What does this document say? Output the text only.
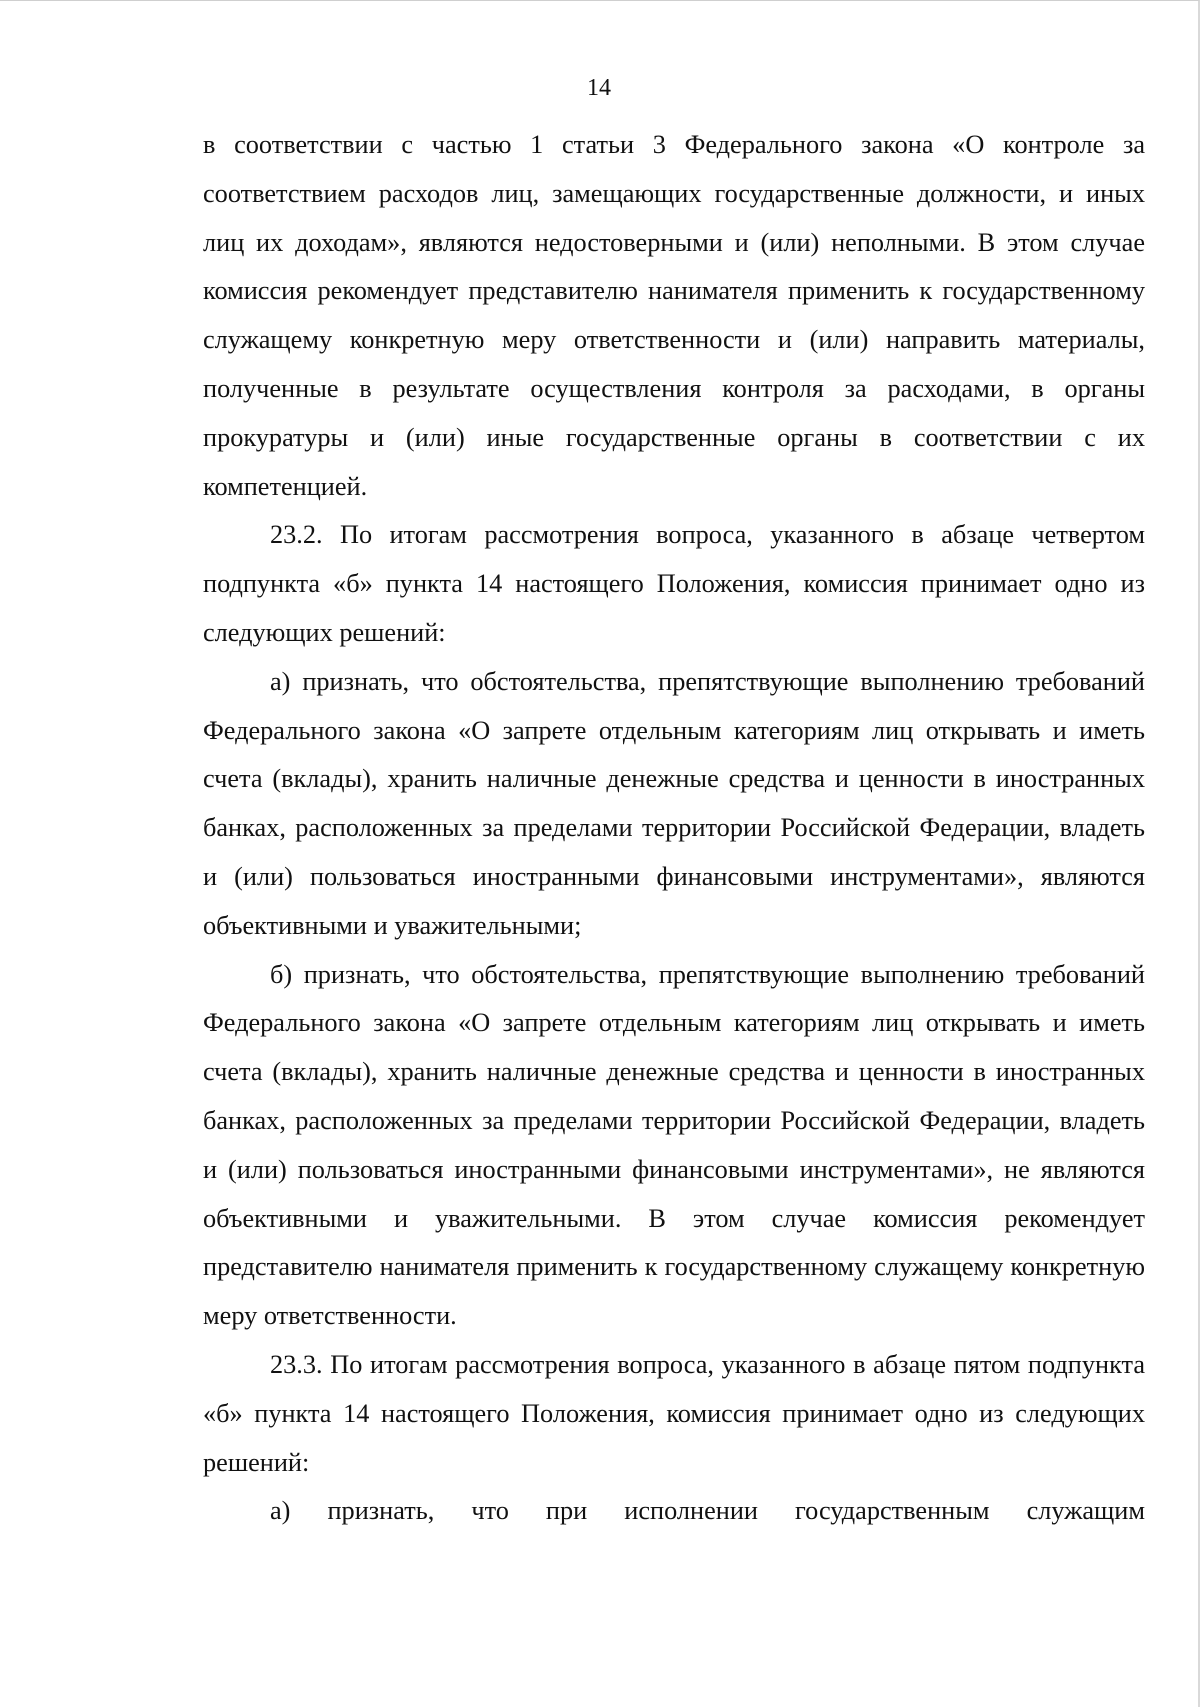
14

в соответствии с частью 1 статьи 3 Федерального закона «О контроле за соответствием расходов лиц, замещающих государственные должности, и иных лиц их доходам», являются недостоверными и (или) неполными. В этом случае комиссия рекомендует представителю нанимателя применить к государственному служащему конкретную меру ответственности и (или) направить материалы, полученные в результате осуществления контроля за расходами, в органы прокуратуры и (или) иные государственные органы в соответствии с их компетенцией.

23.2. По итогам рассмотрения вопроса, указанного в абзаце четвертом подпункта «б» пункта 14 настоящего Положения, комиссия принимает одно из следующих решений:

а) признать, что обстоятельства, препятствующие выполнению требований Федерального закона «О запрете отдельным категориям лиц открывать и иметь счета (вклады), хранить наличные денежные средства и ценности в иностранных банках, расположенных за пределами территории Российской Федерации, владеть и (или) пользоваться иностранными финансовыми инструментами», являются объективными и уважительными;

б) признать, что обстоятельства, препятствующие выполнению требований Федерального закона «О запрете отдельным категориям лиц открывать и иметь счета (вклады), хранить наличные денежные средства и ценности в иностранных банках, расположенных за пределами территории Российской Федерации, владеть и (или) пользоваться иностранными финансовыми инструментами», не являются объективными и уважительными. В этом случае комиссия рекомендует представителю нанимателя применить к государственному служащему конкретную меру ответственности.

23.3. По итогам рассмотрения вопроса, указанного в абзаце пятом подпункта «б» пункта 14 настоящего Положения, комиссия принимает одно из следующих решений:

а) признать, что при исполнении государственным служащим
